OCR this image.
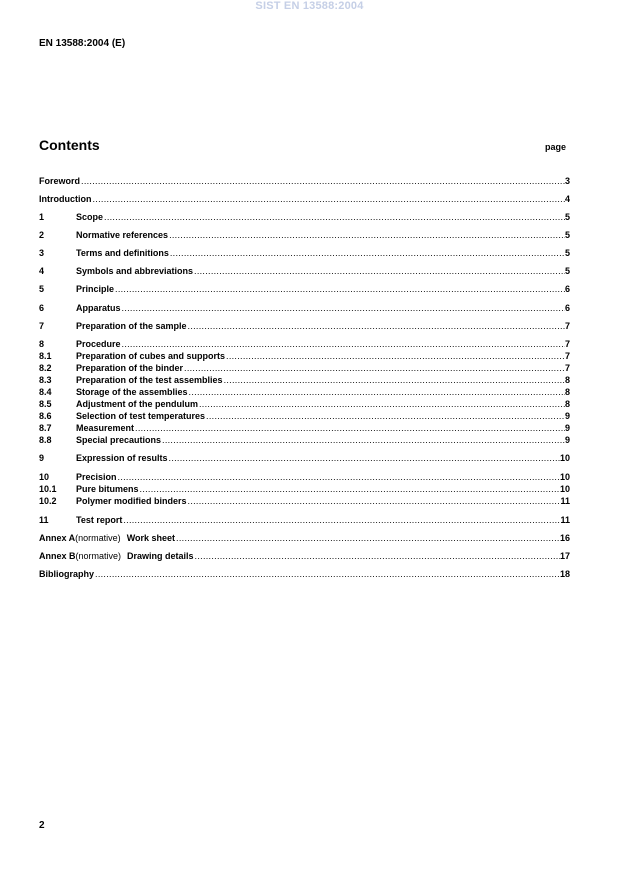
SIST EN 13588:2004
EN 13588:2004 (E)
Contents	page
Foreword .....	3
Introduction .....	4
1	Scope .....	5
2	Normative references .....	5
3	Terms and definitions .....	5
4	Symbols and abbreviations .....	5
5	Principle .....	6
6	Apparatus .....	6
7	Preparation of the sample .....	7
8	Procedure .....	7
8.1	Preparation of cubes and supports .....	7
8.2	Preparation of the binder .....	7
8.3	Preparation of the test assemblies .....	8
8.4	Storage of the assemblies .....	8
8.5	Adjustment of the pendulum .....	8
8.6	Selection of test temperatures .....	9
8.7	Measurement .....	9
8.8	Special precautions .....	9
9	Expression of results .....	10
10	Precision .....	10
10.1	Pure bitumens .....	10
10.2	Polymer modified binders .....	11
11	Test report .....	11
Annex A (normative) Work sheet .....	16
Annex B (normative) Drawing details .....	17
Bibliography .....	18
2
